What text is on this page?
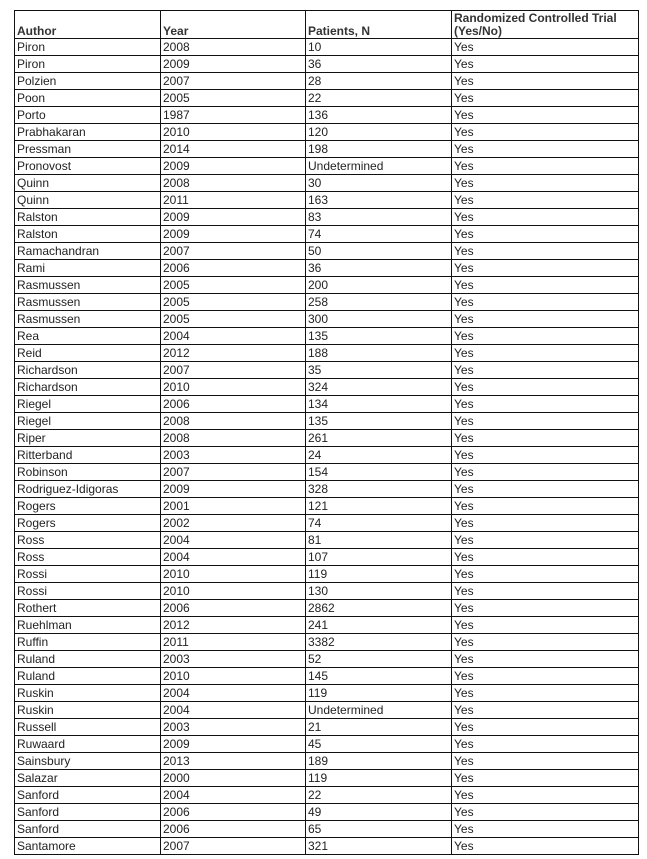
Author	Year	Patients, N	Randomized Controlled Trial (Yes/No)
Piron	2008	10	Yes
Piron	2009	36	Yes
Polzien	2007	28	Yes
Poon	2005	22	Yes
Porto	1987	136	Yes
Prabhakaran	2010	120	Yes
Pressman	2014	198	Yes
Pronovost	2009	Undetermined	Yes
Quinn	2008	30	Yes
Quinn	2011	163	Yes
Ralston	2009	83	Yes
Ralston	2009	74	Yes
Ramachandran	2007	50	Yes
Rami	2006	36	Yes
Rasmussen	2005	200	Yes
Rasmussen	2005	258	Yes
Rasmussen	2005	300	Yes
Rea	2004	135	Yes
Reid	2012	188	Yes
Richardson	2007	35	Yes
Richardson	2010	324	Yes
Riegel	2006	134	Yes
Riegel	2008	135	Yes
Riper	2008	261	Yes
Ritterband	2003	24	Yes
Robinson	2007	154	Yes
Rodriguez-Idigoras	2009	328	Yes
Rogers	2001	121	Yes
Rogers	2002	74	Yes
Ross	2004	81	Yes
Ross	2004	107	Yes
Rossi	2010	119	Yes
Rossi	2010	130	Yes
Rothert	2006	2862	Yes
Ruehlman	2012	241	Yes
Ruffin	2011	3382	Yes
Ruland	2003	52	Yes
Ruland	2010	145	Yes
Ruskin	2004	119	Yes
Ruskin	2004	Undetermined	Yes
Russell	2003	21	Yes
Ruwaard	2009	45	Yes
Sainsbury	2013	189	Yes
Salazar	2000	119	Yes
Sanford	2004	22	Yes
Sanford	2006	49	Yes
Sanford	2006	65	Yes
Santamore	2007	321	Yes
